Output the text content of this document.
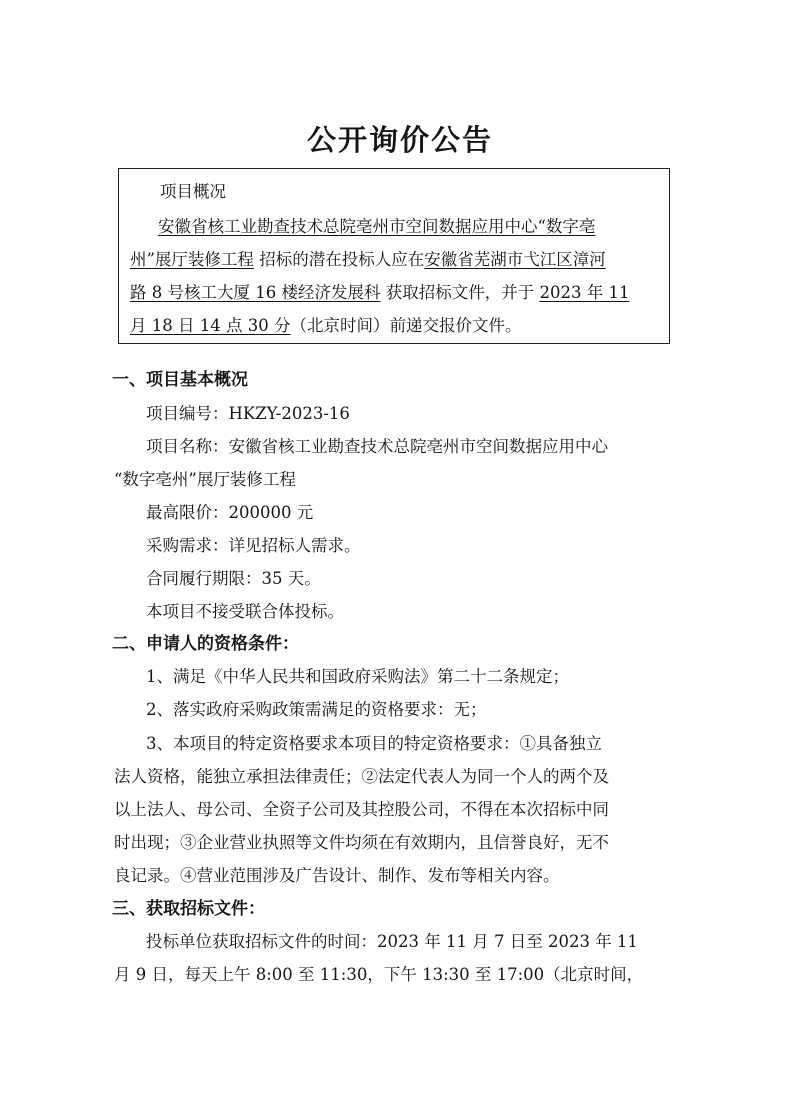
公开询价公告
项目概况
安徽省核工业勘查技术总院亳州市空间数据应用中心“数字亳
州”展厅装修工程 招标的潜在投标人应在安徽省芜湖市弋江区漳河
路 8 号核工大厦 16 楼经济发展科 获取招标文件，并于 2023 年 11
月 18 日 14 点 30 分（北京时间）前递交报价文件。
一、项目基本概况
项目编号：HKZY-2023-16
项目名称：安徽省核工业勘查技术总院亳州市空间数据应用中心
“数字亳州”展厅装修工程
最高限价：200000 元
采购需求：详见招标人需求。
合同履行期限：35 天。
本项目不接受联合体投标。
二、申请人的资格条件：
1、满足《中华人民共和国政府采购法》第二十二条规定；
2、落实政府采购政策需满足的资格要求：无；
3、本项目的特定资格要求本项目的特定资格要求：①具备独立
法人资格，能独立承担法律责任；②法定代表人为同一个人的两个及
以上法人、母公司、全资子公司及其控股公司，不得在本次招标中同
时出现；③企业营业执照等文件均须在有效期内，且信誉良好，无不
良记录。④营业范围涉及广告设计、制作、发布等相关内容。
三、获取招标文件：
投标单位获取招标文件的时间：2023 年 11 月 7 日至 2023 年 11
月 9 日，每天上午 8:00 至 11:30，下午 13:30 至 17:00（北京时间，
